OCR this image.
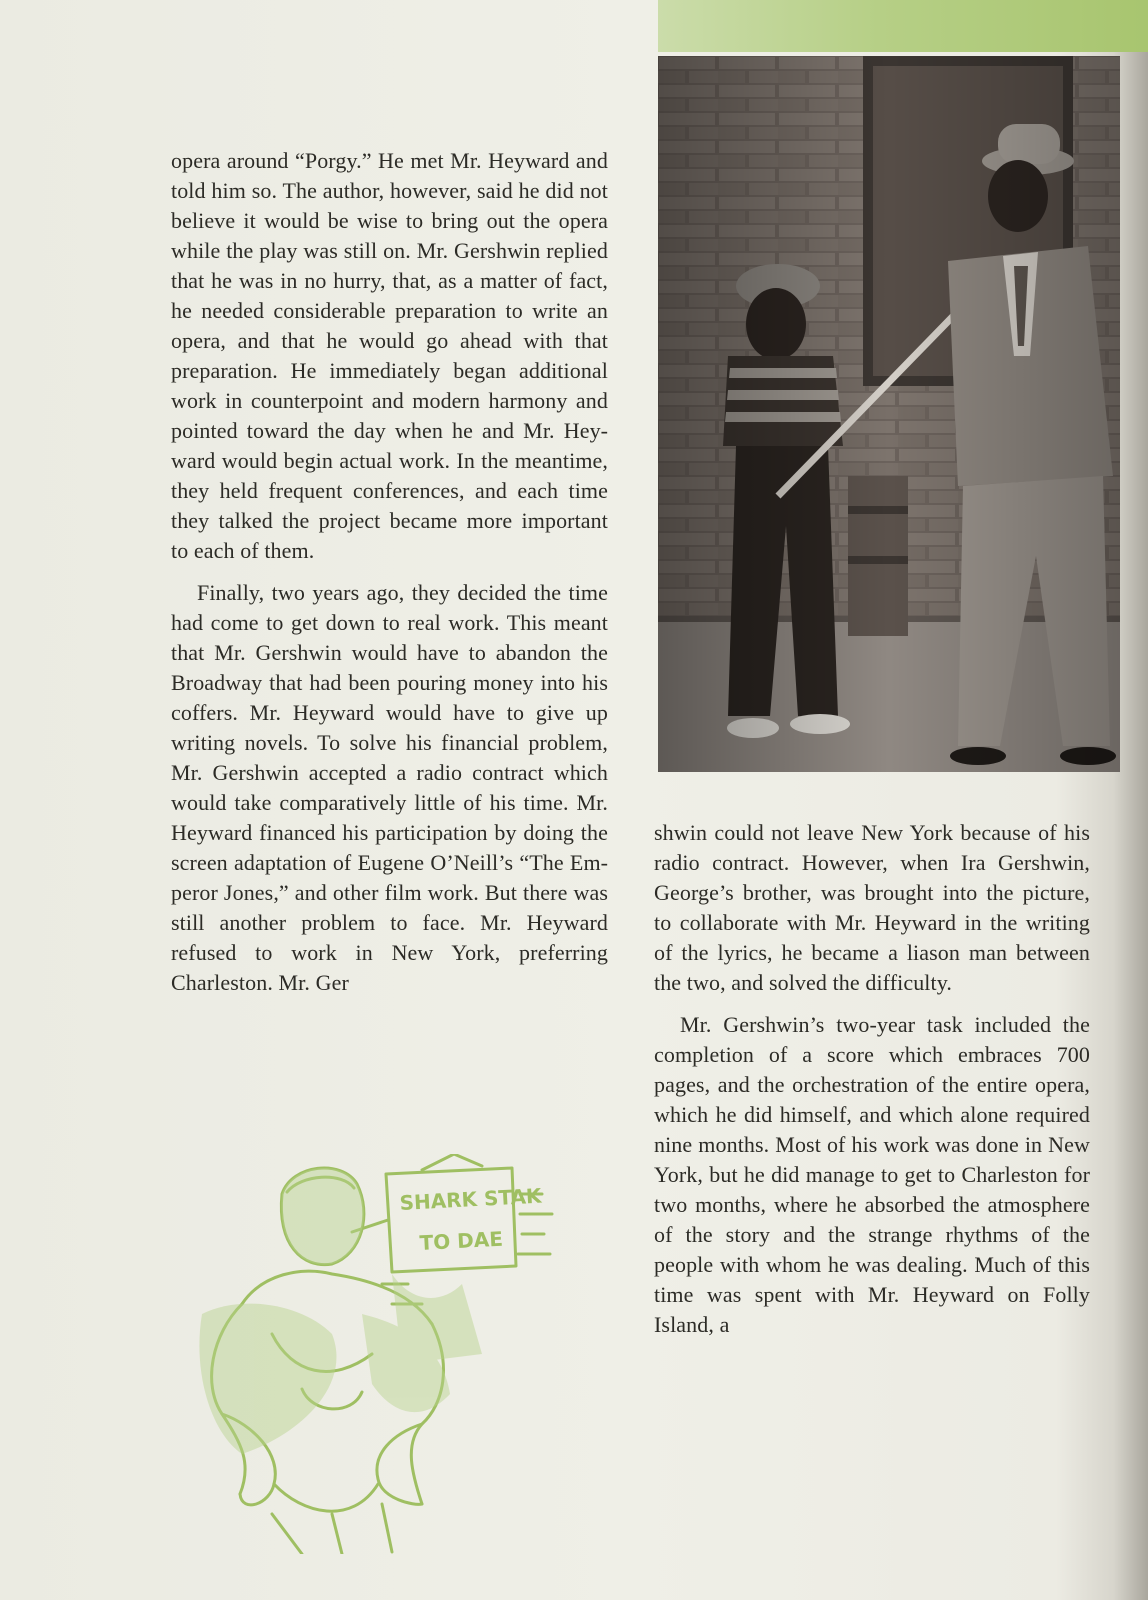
opera around “Porgy.” He met Mr. Heyward and told him so. The author, however, said he did not believe it would be wise to bring out the opera while the play was still on. Mr. Gershwin replied that he was in no hurry, that, as a matter of fact, he needed considerable preparation to write an opera, and that he would go ahead with that preparation. He immediately began additional work in counterpoint and modern harmony and pointed toward the day when he and Mr. Heyward would begin actual work. In the meantime, they held frequent conferences, and each time they talked the project became more important to each of them.

Finally, two years ago, they decided the time had come to get down to real work. This meant that Mr. Gershwin would have to abandon the Broadway that had been pouring money into his coffers. Mr. Heyward would have to give up writing novels. To solve his financial problem, Mr. Gershwin accepted a radio contract which would take comparatively little of his time. Mr. Heyward financed his participation by doing the screen adaptation of Eugene O’Neill’s “The Emperor Jones,” and other film work. But there was still another problem to face. Mr. Heyward refused to work in New York, preferring Charleston. Mr. Ger

shwin could not leave New York because of his radio contract. However, when Ira Gershwin, George’s brother, was brought into the picture, to collaborate with Mr. Heyward in the writing of the lyrics, he became a liason man between the two, and solved the difficulty.

Mr. Gershwin’s two-year task included the completion of a score which embraces 700 pages, and the orchestration of the entire opera, which he did himself, and which alone required nine months. Most of his work was done in New York, but he did manage to get to Charleston for two months, where he absorbed the atmosphere of the story and the strange rhythms of the people with whom he was dealing. Much of this time was spent with Mr. Heyward on Folly Island, a

SHARK STAK
TO DAE
